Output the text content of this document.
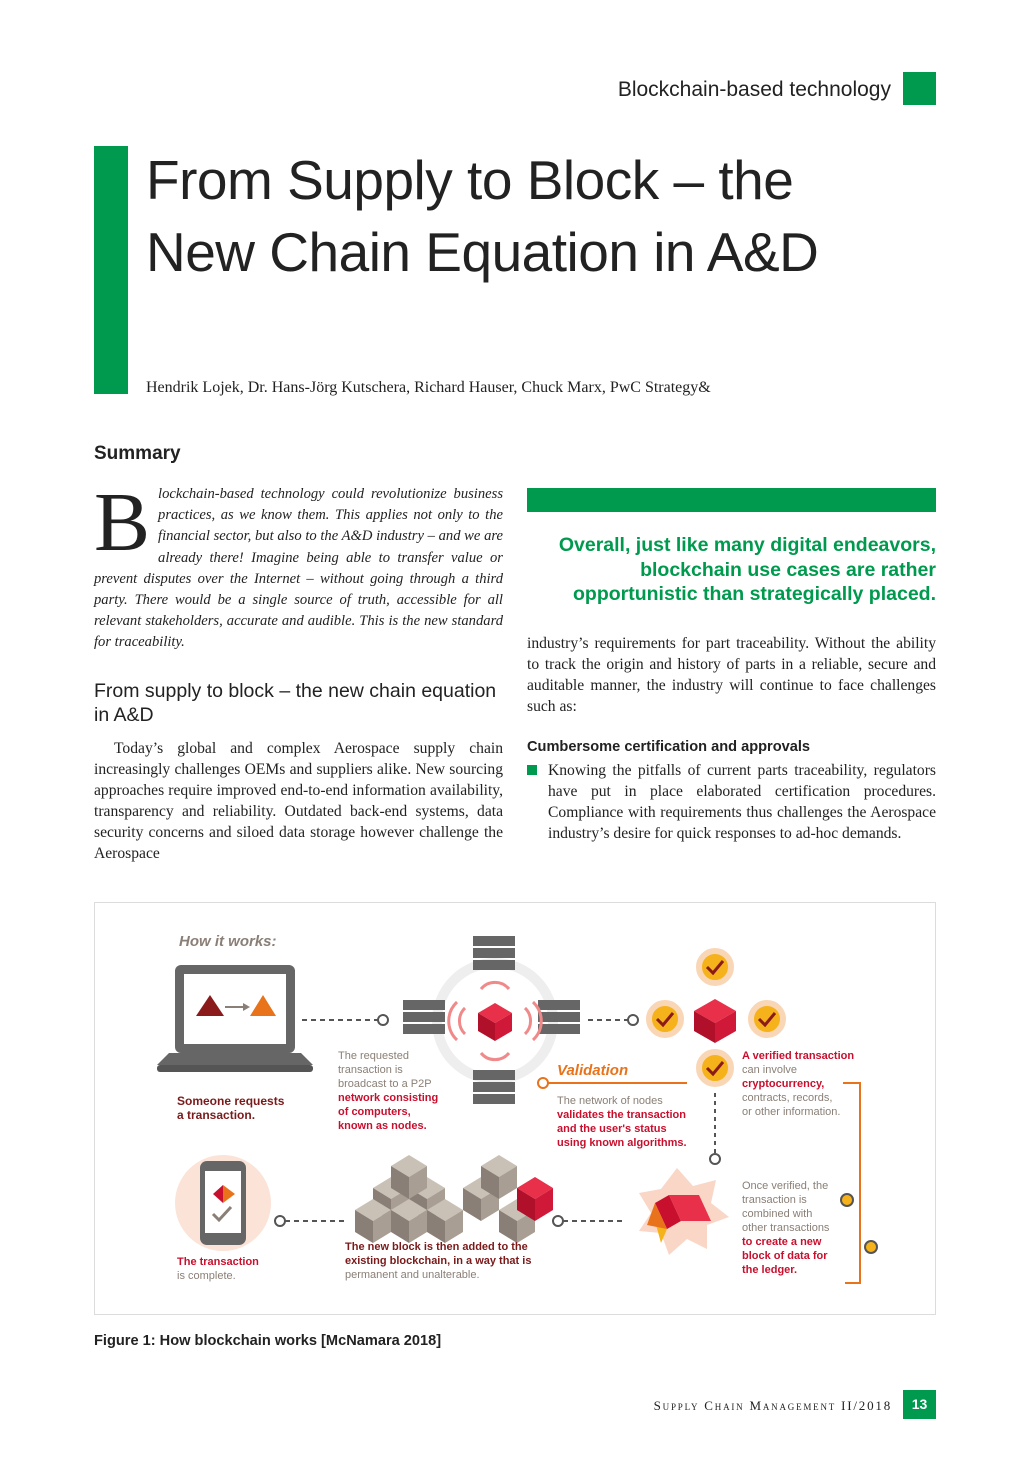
Blockchain-based technology
From Supply to Block – the New Chain Equation in A&D
Hendrik Lojek, Dr. Hans-Jörg Kutschera, Richard Hauser, Chuck Marx, PwC Strategy&
Summary
Blockchain-based technology could revolutionize business practices, as we know them. This applies not only to the financial sector, but also to the A&D industry – and we are already there! Imagine being able to transfer value or prevent disputes over the Internet – without going through a third party. There would be a single source of truth, accessible for all relevant stakeholders, accurate and audible. This is the new standard for traceability.
From supply to block – the new chain equation in A&D

Today’s global and complex Aerospace supply chain increasingly challenges OEMs and suppliers alike. New sourcing approaches require improved end-to-end information availability, transparency and reliability. Outdated back-end systems, data security concerns and siloed data storage however challenge the Aerospace

Overall, just like many digital endeavors, blockchain use cases are rather opportunistic than strategically placed.

industry’s requirements for part traceability. Without the ability to track the origin and history of parts in a reliable, secure and auditable manner, the industry will continue to face challenges such as:

Cumbersome certification and approvals

Knowing the pitfalls of current parts traceability, regulators have put in place elaborated certification procedures. Compliance with requirements thus challenges the Aerospace industry’s desire for quick responses to ad-hoc demands.

How it works:
Someone requests a transaction.
The requested transaction is broadcast to a P2P network consisting of computers, known as nodes.
Validation
The network of nodes validates the transaction and the user's status using known algorithms.
A verified transaction can involve cryptocurrency, contracts, records, or other information.
Once verified, the transaction is combined with other transactions to create a new block of data for the ledger.
The new block is then added to the existing blockchain, in a way that is permanent and unalterable.
The transaction is complete.
Figure 1: How blockchain works [McNamara 2018]
Supply Chain Management II/2018	13
